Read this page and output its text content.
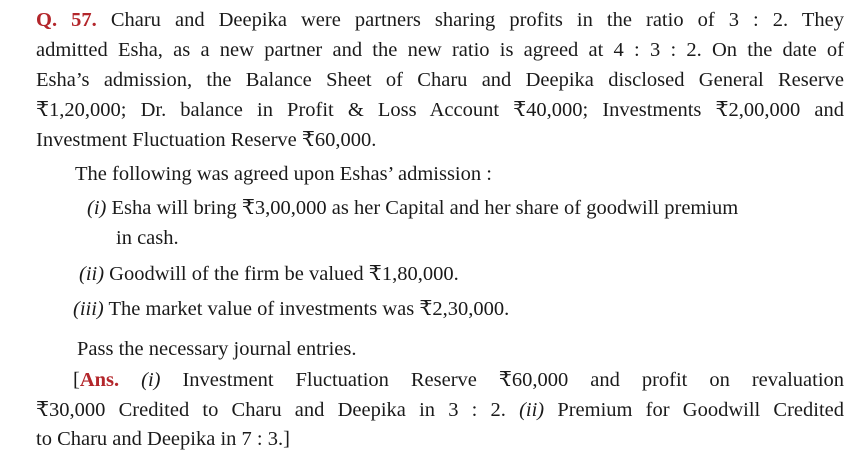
Q. 57. Charu and Deepika were partners sharing profits in the ratio of 3 : 2. They
admitted Esha, as a new partner and the new ratio is agreed at 4 : 3 : 2. On the date of
Esha’s admission, the Balance Sheet of Charu and Deepika disclosed General Reserve
₹1,20,000; Dr. balance in Profit & Loss Account ₹40,000; Investments ₹2,00,000 and
Investment Fluctuation Reserve ₹60,000.
The following was agreed upon Eshas’ admission :
(i) Esha will bring ₹3,00,000 as her Capital and her share of goodwill premium
in cash.
(ii) Goodwill of the firm be valued ₹1,80,000.
(iii) The market value of investments was ₹2,30,000.
Pass the necessary journal entries.
[Ans. (i) Investment Fluctuation Reserve ₹60,000 and profit on revaluation
₹30,000 Credited to Charu and Deepika in 3 : 2. (ii) Premium for Goodwill Credited
to Charu and Deepika in 7 : 3.]
